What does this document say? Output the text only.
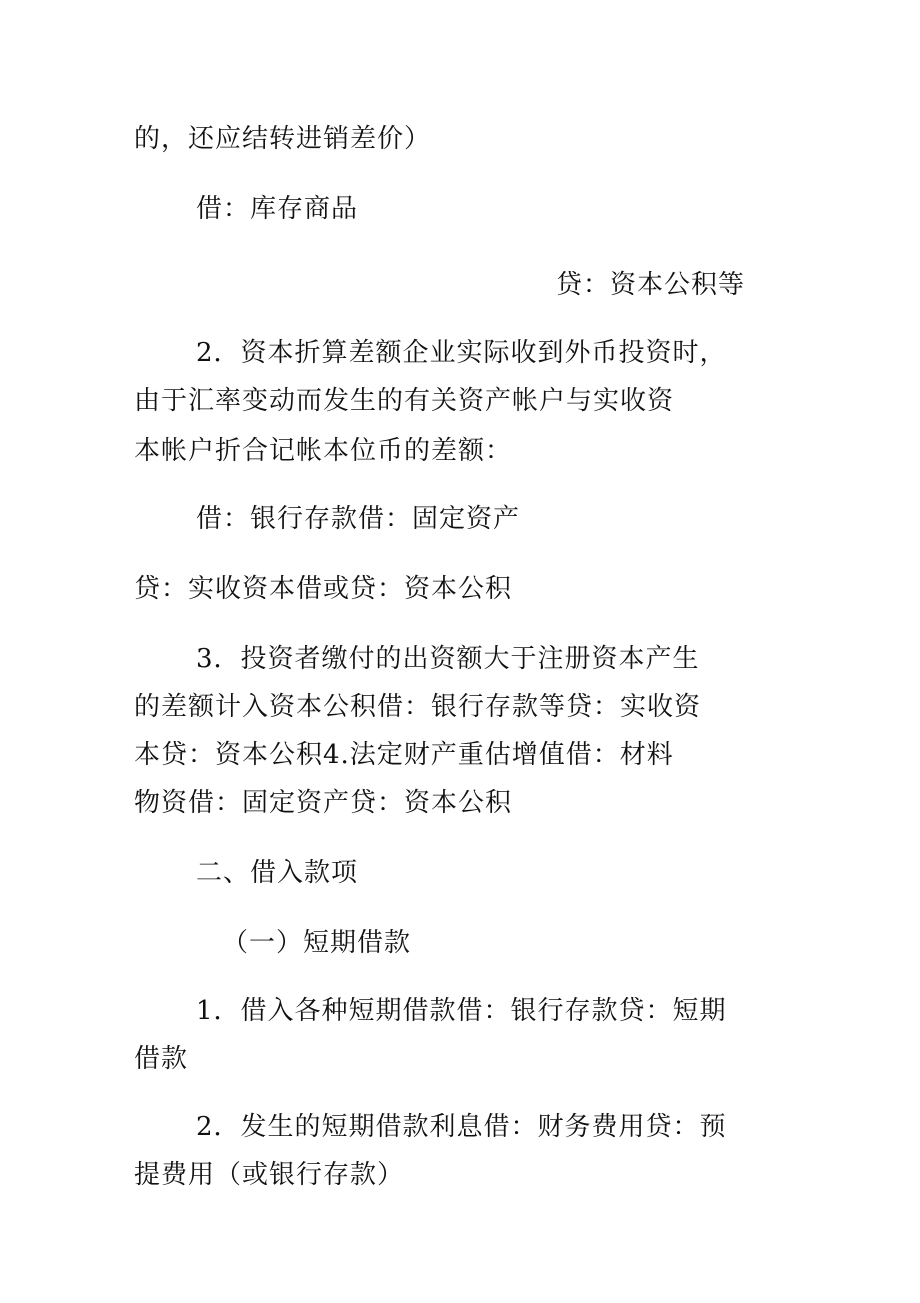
的，还应结转进销差价）
借：库存商品
贷：资本公积等
2．资本折算差额企业实际收到外币投资时，
由于汇率变动而发生的有关资产帐户与实收资
本帐户折合记帐本位币的差额：
借：银行存款借：固定资产
贷：实收资本借或贷：资本公积
3．投资者缴付的出资额大于注册资本产生
的差额计入资本公积借：银行存款等贷：实收资
本贷：资本公积4.法定财产重估增值借：材料
物资借：固定资产贷：资本公积
二、借入款项
（一）短期借款
1．借入各种短期借款借：银行存款贷：短期
借款
2．发生的短期借款利息借：财务费用贷：预
提费用（或银行存款）
